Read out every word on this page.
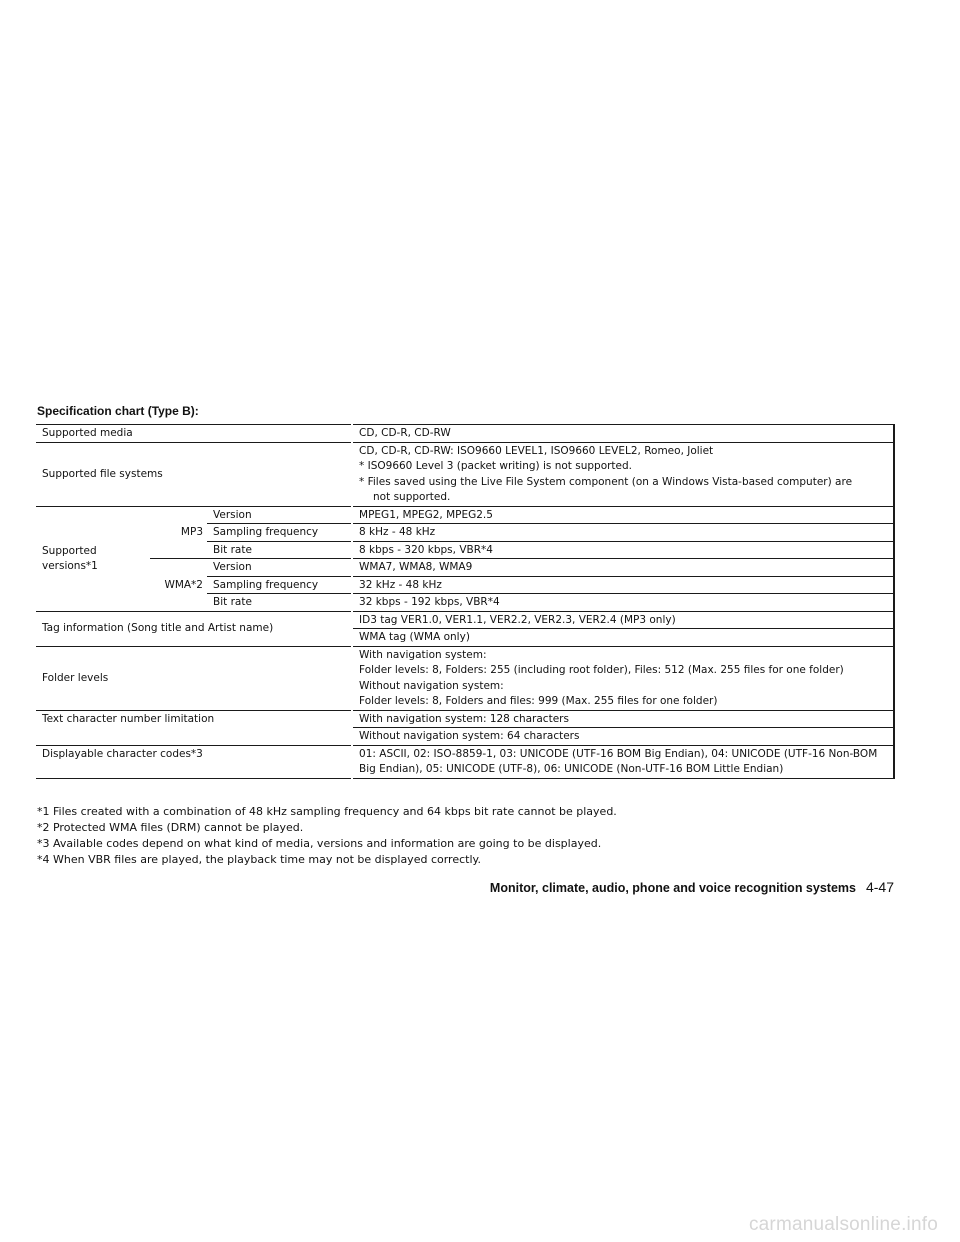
Specification chart (Type B):
Supported media			CD, CD-R, CD-RW
Supported file systems			CD, CD-R, CD-RW: ISO9660 LEVEL1, ISO9660 LEVEL2, Romeo, Joliet
* ISO9660 Level 3 (packet writing) is not supported.
* Files saved using the Live File System component (on a Windows Vista-based computer) are
not supported.

Supported versions*1	MP3	Version	MPEG1, MPEG2, MPEG2.5
		Sampling frequency	8 kHz - 48 kHz
		Bit rate	8 kbps - 320 kbps, VBR*4
	WMA*2	Version	WMA7, WMA8, WMA9
		Sampling frequency	32 kHz - 48 kHz
		Bit rate	32 kbps - 192 kbps, VBR*4
Tag information (Song title and Artist name)			ID3 tag VER1.0, VER1.1, VER2.2, VER2.3, VER2.4 (MP3 only)
			WMA tag (WMA only)
Folder levels			With navigation system:
Folder levels: 8, Folders: 255 (including root folder), Files: 512 (Max. 255 files for one folder)
Without navigation system:
Folder levels: 8, Folders and files: 999 (Max. 255 files for one folder)

Text character number limitation			With navigation system: 128 characters
			Without navigation system: 64 characters
Displayable character codes*3			01: ASCII, 02: ISO-8859-1, 03: UNICODE (UTF-16 BOM Big Endian), 04: UNICODE (UTF-16 Non-BOM
Big Endian), 05: UNICODE (UTF-8), 06: UNICODE (Non-UTF-16 BOM Little Endian)
*1 Files created with a combination of 48 kHz sampling frequency and 64 kbps bit rate cannot be played.
*2 Protected WMA files (DRM) cannot be played.
*3 Available codes depend on what kind of media, versions and information are going to be displayed.
*4 When VBR files are played, the playback time may not be displayed correctly.
Monitor, climate, audio, phone and voice recognition systems 4-47
carmanualsonline.info
